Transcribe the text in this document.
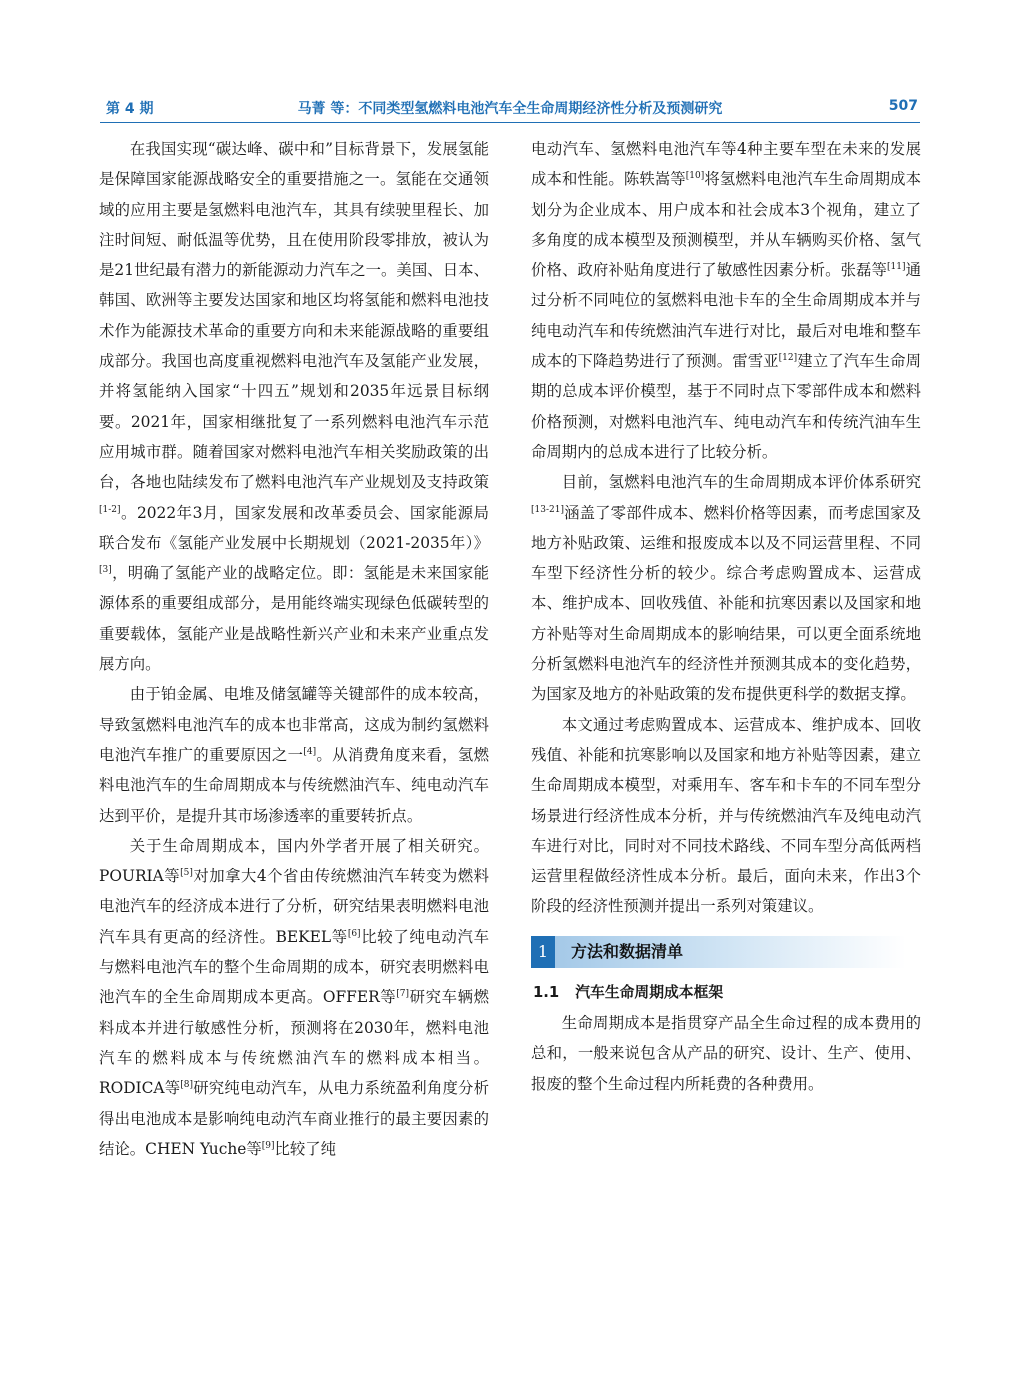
第 4 期	马菁 等：不同类型氢燃料电池汽车全生命周期经济性分析及预测研究	507

在我国实现“碳达峰、碳中和”目标背景下，发展氢能是保障国家能源战略安全的重要措施之一。氢能在交通领域的应用主要是氢燃料电池汽车，其具有续驶里程长、加注时间短、耐低温等优势，且在使用阶段零排放，被认为是21世纪最有潜力的新能源动力汽车之一。美国、日本、韩国、欧洲等主要发达国家和地区均将氢能和燃料电池技术作为能源技术革命的重要方向和未来能源战略的重要组成部分。我国也高度重视燃料电池汽车及氢能产业发展，并将氢能纳入国家“十四五”规划和2035年远景目标纲要。2021年，国家相继批复了一系列燃料电池汽车示范应用城市群。随着国家对燃料电池汽车相关奖励政策的出台，各地也陆续发布了燃料电池汽车产业规划及支持政策[1-2]。2022年3月，国家发展和改革委员会、国家能源局联合发布《氢能产业发展中长期规划（2021-2035年）》[3]，明确了氢能产业的战略定位。即：氢能是未来国家能源体系的重要组成部分，是用能终端实现绿色低碳转型的重要载体，氢能产业是战略性新兴产业和未来产业重点发展方向。

由于铂金属、电堆及储氢罐等关键部件的成本较高，导致氢燃料电池汽车的成本也非常高，这成为制约氢燃料电池汽车推广的重要原因之一[4]。从消费角度来看，氢燃料电池汽车的生命周期成本与传统燃油汽车、纯电动汽车达到平价，是提升其市场渗透率的重要转折点。

关于生命周期成本，国内外学者开展了相关研究。POURIA等[5]对加拿大4个省由传统燃油汽车转变为燃料电池汽车的经济成本进行了分析，研究结果表明燃料电池汽车具有更高的经济性。BEKEL等[6]比较了纯电动汽车与燃料电池汽车的整个生命周期的成本，研究表明燃料电池汽车的全生命周期成本更高。OFFER等[7]研究车辆燃料成本并进行敏感性分析，预测将在2030年，燃料电池汽车的燃料成本与传统燃油汽车的燃料成本相当。RODICA等[8]研究纯电动汽车，从电力系统盈利角度分析得出电池成本是影响纯电动汽车商业推行的最主要因素的结论。CHEN Yuche等[9]比较了纯

电动汽车、氢燃料电池汽车等4种主要车型在未来的发展成本和性能。陈轶嵩等[10]将氢燃料电池汽车生命周期成本划分为企业成本、用户成本和社会成本3个视角，建立了多角度的成本模型及预测模型，并从车辆购买价格、氢气价格、政府补贴角度进行了敏感性因素分析。张磊等[11]通过分析不同吨位的氢燃料电池卡车的全生命周期成本并与纯电动汽车和传统燃油汽车进行对比，最后对电堆和整车成本的下降趋势进行了预测。雷雪亚[12]建立了汽车生命周期的总成本评价模型，基于不同时点下零部件成本和燃料价格预测，对燃料电池汽车、纯电动汽车和传统汽油车生命周期内的总成本进行了比较分析。

目前，氢燃料电池汽车的生命周期成本评价体系研究[13-21]涵盖了零部件成本、燃料价格等因素，而考虑国家及地方补贴政策、运维和报废成本以及不同运营里程、不同车型下经济性分析的较少。综合考虑购置成本、运营成本、维护成本、回收残值、补能和抗寒因素以及国家和地方补贴等对生命周期成本的影响结果，可以更全面系统地分析氢燃料电池汽车的经济性并预测其成本的变化趋势，为国家及地方的补贴政策的发布提供更科学的数据支撑。

本文通过考虑购置成本、运营成本、维护成本、回收残值、补能和抗寒影响以及国家和地方补贴等因素，建立生命周期成本模型，对乘用车、客车和卡车的不同车型分场景进行经济性成本分析，并与传统燃油汽车及纯电动汽车进行对比，同时对不同技术路线、不同车型分高低两档运营里程做经济性成本分析。最后，面向未来，作出3个阶段的经济性预测并提出一系列对策建议。

1	方法和数据清单
1.1 汽车生命周期成本框架

生命周期成本是指贯穿产品全生命过程的成本费用的总和，一般来说包含从产品的研究、设计、生产、使用、报废的整个生命过程内所耗费的各种费用。
